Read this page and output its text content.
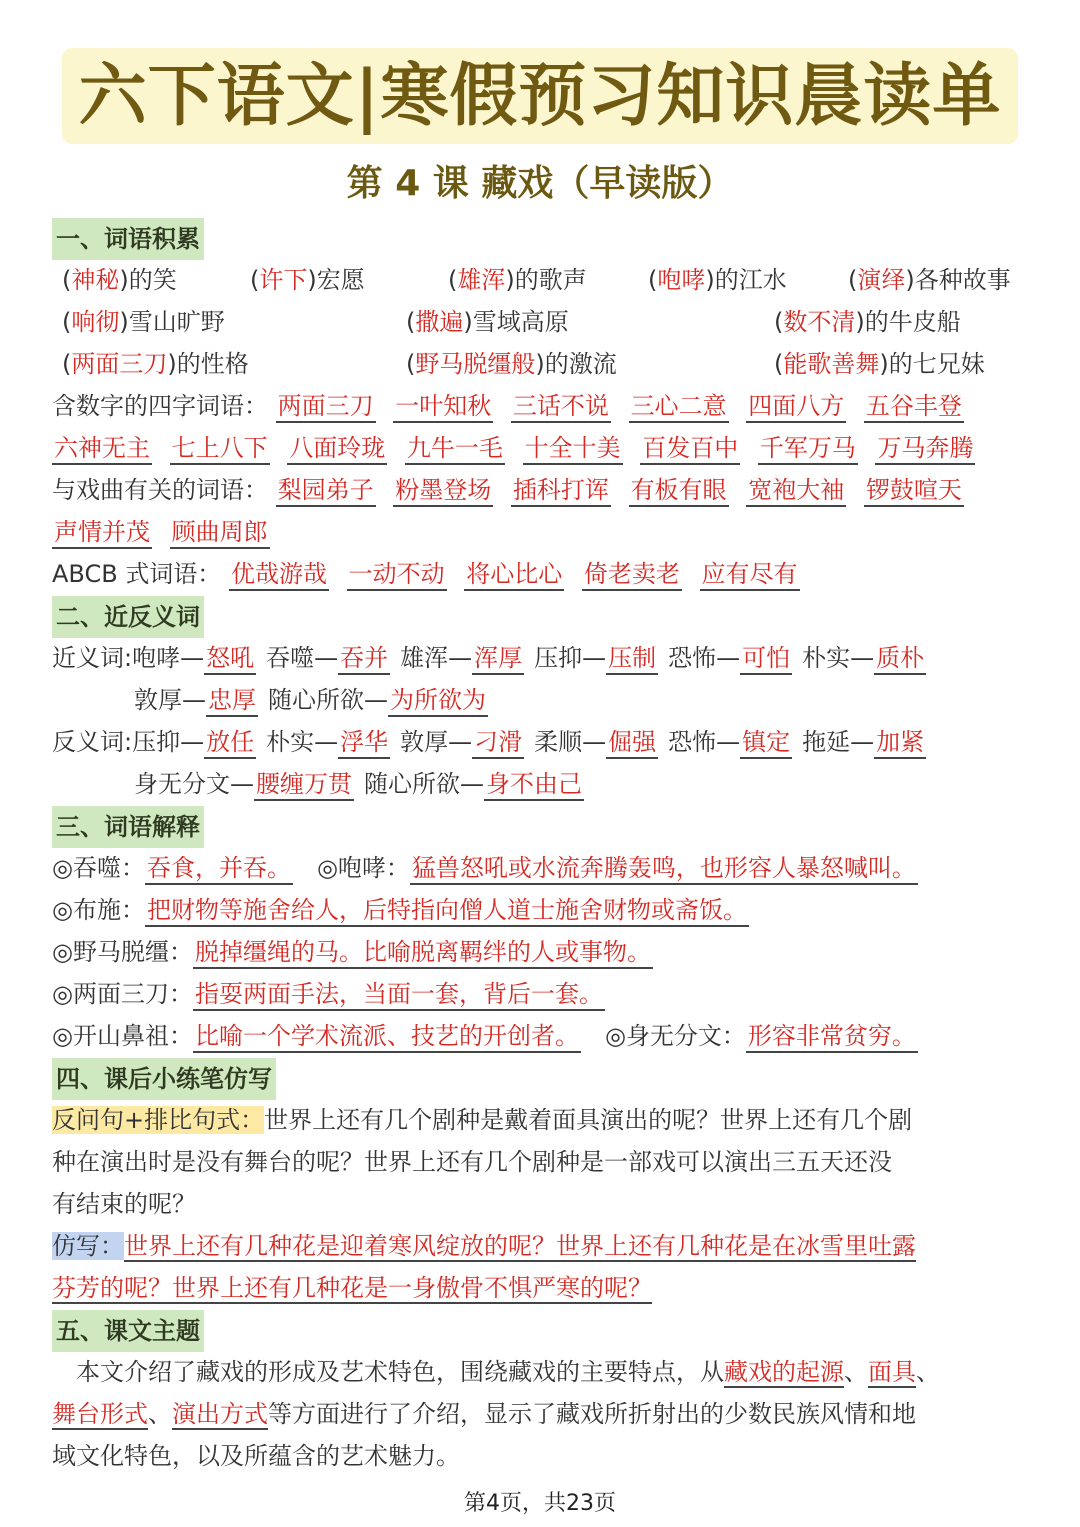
六下语文|寒假预习知识晨读单
第 4 课 藏戏（早读版）
一、词语积累
(神秘)的笑	(许下)宏愿	(雄浑)的歌声	(咆哮)的江水	(演绎)各种故事
(响彻)雪山旷野	(撒遍)雪域高原	(数不清)的牛皮船
(两面三刀)的性格	(野马脱缰般)的激流	(能歌善舞)的七兄妹
含数字的四字词语： 两面三刀 一叶知秋 三话不说 三心二意 四面八方 五谷丰登
六神无主 七上八下 八面玲珑 九牛一毛 十全十美 百发百中 千军万马 万马奔腾
与戏曲有关的词语： 梨园弟子 粉墨登场 插科打诨 有板有眼 宽袍大袖 锣鼓喧天
声情并茂 顾曲周郎
ABCB 式词语： 优哉游哉 一动不动 将心比心 倚老卖老 应有尽有
二、近反义词
近义词:咆哮—怒吼 吞噬—吞并 雄浑—浑厚 压抑—压制 恐怖—可怕 朴实—质朴
敦厚—忠厚 随心所欲—为所欲为
反义词:压抑—放任 朴实—浮华 敦厚—刁滑 柔顺—倔强 恐怖—镇定 拖延—加紧
身无分文—腰缠万贯 随心所欲—身不由己
三、词语解释
◎吞噬：吞食，并吞。 ◎咆哮：猛兽怒吼或水流奔腾轰鸣，也形容人暴怒喊叫。
◎布施：把财物等施舍给人，后特指向僧人道士施舍财物或斋饭。
◎野马脱缰：脱掉缰绳的马。比喻脱离羁绊的人或事物。
◎两面三刀：指耍两面手法，当面一套，背后一套。
◎开山鼻祖：比喻一个学术流派、技艺的开创者。 ◎身无分文：形容非常贫穷。
四、课后小练笔仿写
反问句+排比句式：世界上还有几个剧种是戴着面具演出的呢？世界上还有几个剧
种在演出时是没有舞台的呢？世界上还有几个剧种是一部戏可以演出三五天还没
有结束的呢？
仿写：世界上还有几种花是迎着寒风绽放的呢？世界上还有几种花是在冰雪里吐露
芬芳的呢？世界上还有几种花是一身傲骨不惧严寒的呢？
五、课文主题
本文介绍了藏戏的形成及艺术特色，围绕藏戏的主要特点，从藏戏的起源、面具、
舞台形式、演出方式等方面进行了介绍，显示了藏戏所折射出的少数民族风情和地
域文化特色，以及所蕴含的艺术魅力。
第4页，共23页
